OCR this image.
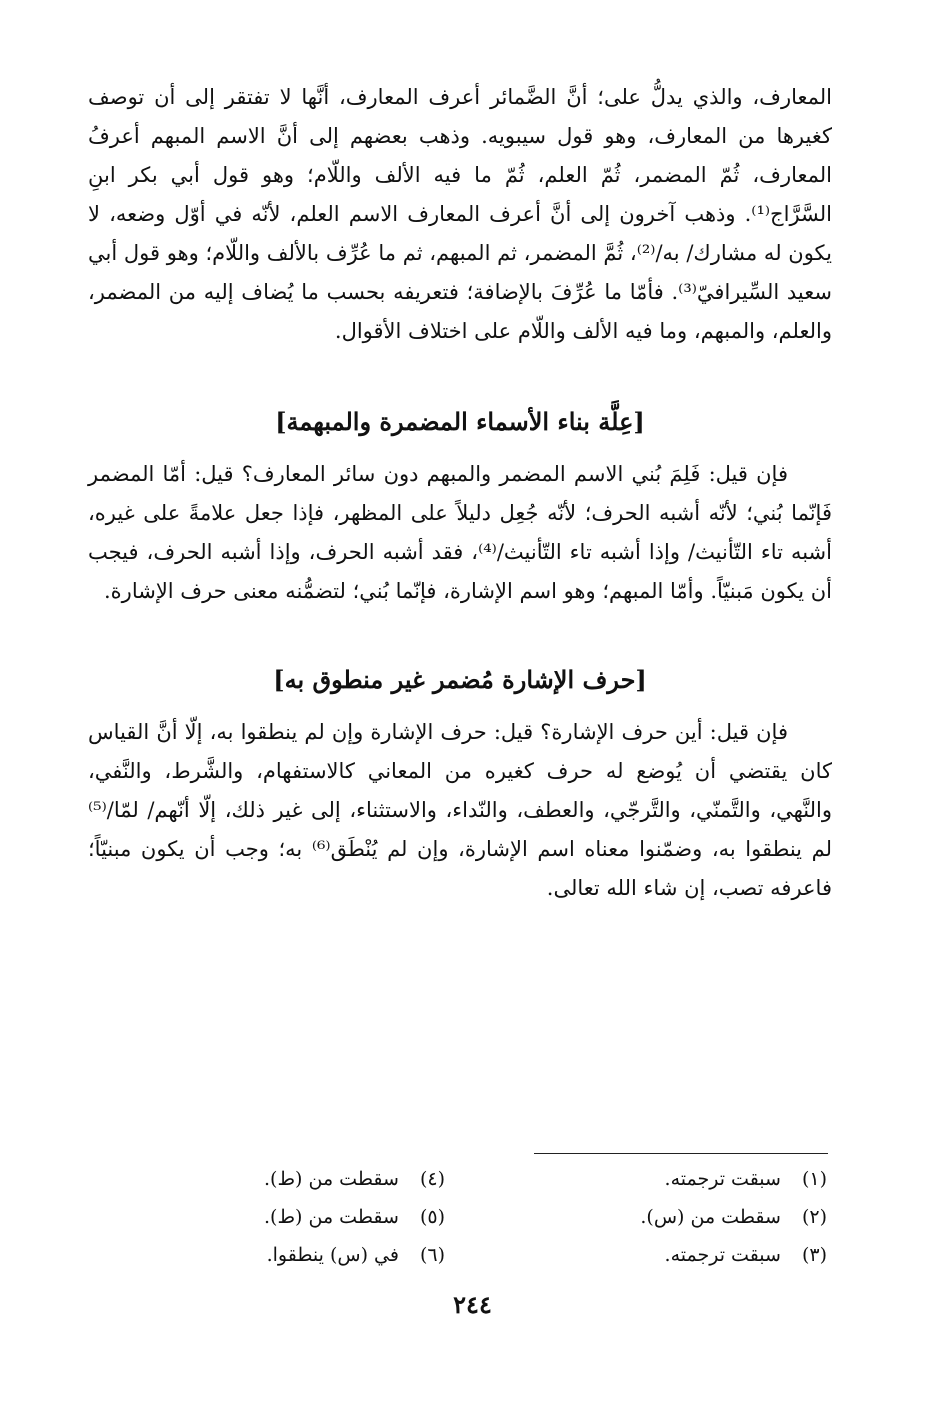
المعارف، والذي يدلُّ على؛ أنَّ الضَّمائر أعرف المعارف، أنَّها لا تفتقر إلى أن توصف كغيرها من المعارف، وهو قول سيبويه. وذهب بعضهم إلى أنَّ الاسم المبهم أعرفُ المعارف، ثُمّ المضمر، ثُمّ العلم، ثُمّ ما فيه الألف واللّام؛ وهو قول أبي بكر ابنِ السَّرَّاج⁽¹⁾. وذهب آخرون إلى أنَّ أعرف المعارف الاسم العلم، لأنّه في أوّل وضعه، لا يكون له مشارك/ به/⁽²⁾، ثُمَّ المضمر، ثم المبهم، ثم ما عُرِّف بالألف واللّام؛ وهو قول أبي سعيد السِّيرافيّ⁽³⁾. فأمّا ما عُرِّفَ بالإضافة؛ فتعريفه بحسب ما يُضاف إليه من المضمر، والعلم، والمبهم، وما فيه الألف واللّام على اختلاف الأقوال.

[عِلَّة بناء الأسماء المضمرة والمبهمة]

فإن قيل: فَلِمَ بُني الاسم المضمر والمبهم دون سائر المعارف؟ قيل: أمّا المضمر فَإنّما بُني؛ لأنّه أشبه الحرف؛ لأنّه جُعِل دليلاً على المظهر، فإذا جعل علامةً على غيره، أشبه تاء التّأنيث/ وإذا أشبه تاء التّأنيث/⁽⁴⁾، فقد أشبه الحرف، وإذا أشبه الحرف، فيجب أن يكون مَبنيّاً. وأمّا المبهم؛ وهو اسم الإشارة، فإنّما بُني؛ لتضمُّنه معنى حرف الإشارة.

[حرف الإشارة مُضمر غير منطوق به]

فإن قيل: أين حرف الإشارة؟ قيل: حرف الإشارة وإن لم ينطقوا به، إلّا أنَّ القياس كان يقتضي أن يُوضع له حرف كغيره من المعاني كالاستفهام، والشَّرط، والنَّفي، والنَّهي، والتَّمنّي، والتَّرجّي، والعطف، والنّداء، والاستثناء، إلى غير ذلك، إلّا أنّهم/ لمّا/⁽⁵⁾ لم ينطقوا به، وضمّنوا معناه اسم الإشارة، وإن لم يُنْطَق⁽⁶⁾ به؛ وجب أن يكون مبنيّاً؛ فاعرفه تصب، إن شاء الله تعالى.

(١) سبقت ترجمته.
(٢) سقطت من (س).
(٣) سبقت ترجمته.
(٤) سقطت من (ط).
(٥) سقطت من (ط).
(٦) في (س) ينطقوا.
٢٤٤
